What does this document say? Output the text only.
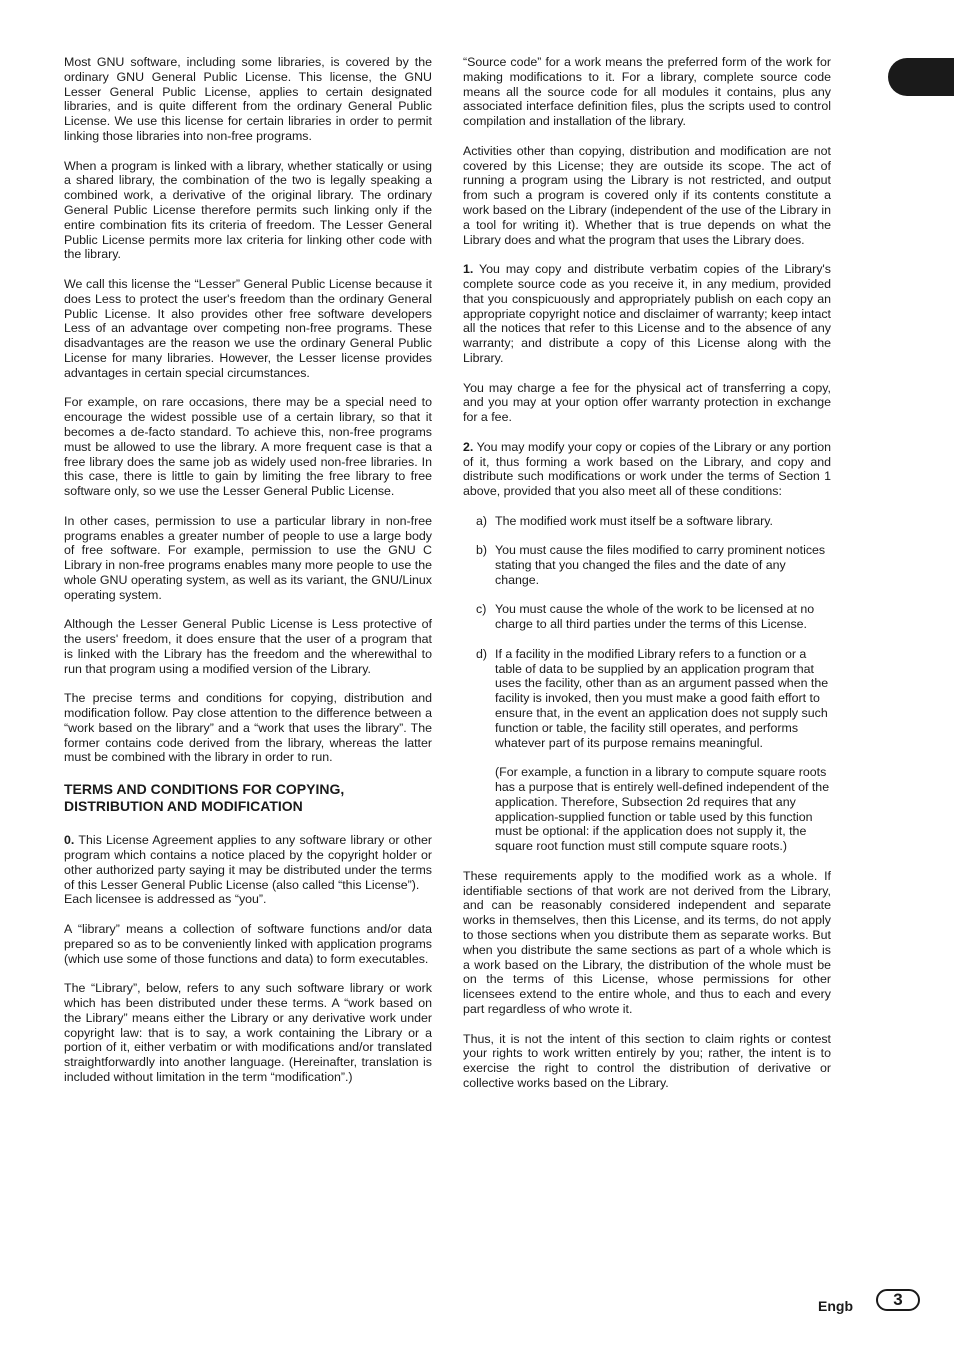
Most GNU software, including some libraries, is covered by the ordinary GNU General Public License. This license, the GNU Lesser General Public License, applies to certain designated libraries, and is quite different from the ordinary General Public License. We use this license for certain libraries in order to permit linking those libraries into non-free programs.

When a program is linked with a library, whether statically or using a shared library, the combination of the two is legally speaking a combined work, a derivative of the original library. The ordinary General Public License therefore permits such linking only if the entire combination fits its criteria of freedom. The Lesser General Public License permits more lax criteria for linking other code with the library.

We call this license the “Lesser” General Public License because it does Less to protect the user's freedom than the ordinary General Public License. It also provides other free software developers Less of an advantage over competing non-free programs. These disadvantages are the reason we use the ordinary General Public License for many libraries. However, the Lesser license provides advantages in certain special circumstances.

For example, on rare occasions, there may be a special need to encourage the widest possible use of a certain library, so that it becomes a de-facto standard. To achieve this, non-free programs must be allowed to use the library. A more frequent case is that a free library does the same job as widely used non-free libraries. In this case, there is little to gain by limiting the free library to free software only, so we use the Lesser General Public License.

In other cases, permission to use a particular library in non-free programs enables a greater number of people to use a large body of free software. For example, permission to use the GNU C Library in non-free programs enables many more people to use the whole GNU operating system, as well as its variant, the GNU/Linux operating system.

Although the Lesser General Public License is Less protective of the users' freedom, it does ensure that the user of a program that is linked with the Library has the freedom and the wherewithal to run that program using a modified version of the Library.

The precise terms and conditions for copying, distribution and modification follow. Pay close attention to the difference between a “work based on the library” and a “work that uses the library”. The former contains code derived from the library, whereas the latter must be combined with the library in order to run.

TERMS AND CONDITIONS FOR COPYING, DISTRIBUTION AND MODIFICATION

0. This License Agreement applies to any software library or other program which contains a notice placed by the copyright holder or other authorized party saying it may be distributed under the terms of this Lesser General Public License (also called “this License”).

Each licensee is addressed as “you”.

A “library” means a collection of software functions and/or data prepared so as to be conveniently linked with application programs (which use some of those functions and data) to form executables.

The “Library”, below, refers to any such software library or work which has been distributed under these terms. A “work based on the Library” means either the Library or any derivative work under copyright law: that is to say, a work containing the Library or a portion of it, either verbatim or with modifications and/or translated straightforwardly into another language. (Hereinafter, translation is included without limitation in the term “modification”.)

“Source code” for a work means the preferred form of the work for making modifications to it. For a library, complete source code means all the source code for all modules it contains, plus any associated interface definition files, plus the scripts used to control compilation and installation of the library.

Activities other than copying, distribution and modification are not covered by this License; they are outside its scope. The act of running a program using the Library is not restricted, and output from such a program is covered only if its contents constitute a work based on the Library (independent of the use of the Library in a tool for writing it). Whether that is true depends on what the Library does and what the program that uses the Library does.

1. You may copy and distribute verbatim copies of the Library's complete source code as you receive it, in any medium, provided that you conspicuously and appropriately publish on each copy an appropriate copyright notice and disclaimer of warranty; keep intact all the notices that refer to this License and to the absence of any warranty; and distribute a copy of this License along with the Library.

You may charge a fee for the physical act of transferring a copy, and you may at your option offer warranty protection in exchange for a fee.

2. You may modify your copy or copies of the Library or any portion of it, thus forming a work based on the Library, and copy and distribute such modifications or work under the terms of Section 1 above, provided that you also meet all of these conditions:

a) The modified work must itself be a software library.
b) You must cause the files modified to carry prominent notices stating that you changed the files and the date of any change.
c) You must cause the whole of the work to be licensed at no charge to all third parties under the terms of this License.
d) If a facility in the modified Library refers to a function or a table of data to be supplied by an application program that uses the facility, other than as an argument passed when the facility is invoked, then you must make a good faith effort to ensure that, in the event an application does not supply such function or table, the facility still operates, and performs whatever part of its purpose remains meaningful.

(For example, a function in a library to compute square roots has a purpose that is entirely well-defined independent of the application. Therefore, Subsection 2d requires that any application-supplied function or table used by this function must be optional: if the application does not supply it, the square root function must still compute square roots.)

These requirements apply to the modified work as a whole. If identifiable sections of that work are not derived from the Library, and can be reasonably considered independent and separate works in themselves, then this License, and its terms, do not apply to those sections when you distribute them as separate works. But when you distribute the same sections as part of a whole which is a work based on the Library, the distribution of the whole must be on the terms of this License, whose permissions for other licensees extend to the entire whole, and thus to each and every part regardless of who wrote it.

Thus, it is not the intent of this section to claim rights or contest your rights to work written entirely by you; rather, the intent is to exercise the right to control the distribution of derivative or collective works based on the Library.

Engb	3
